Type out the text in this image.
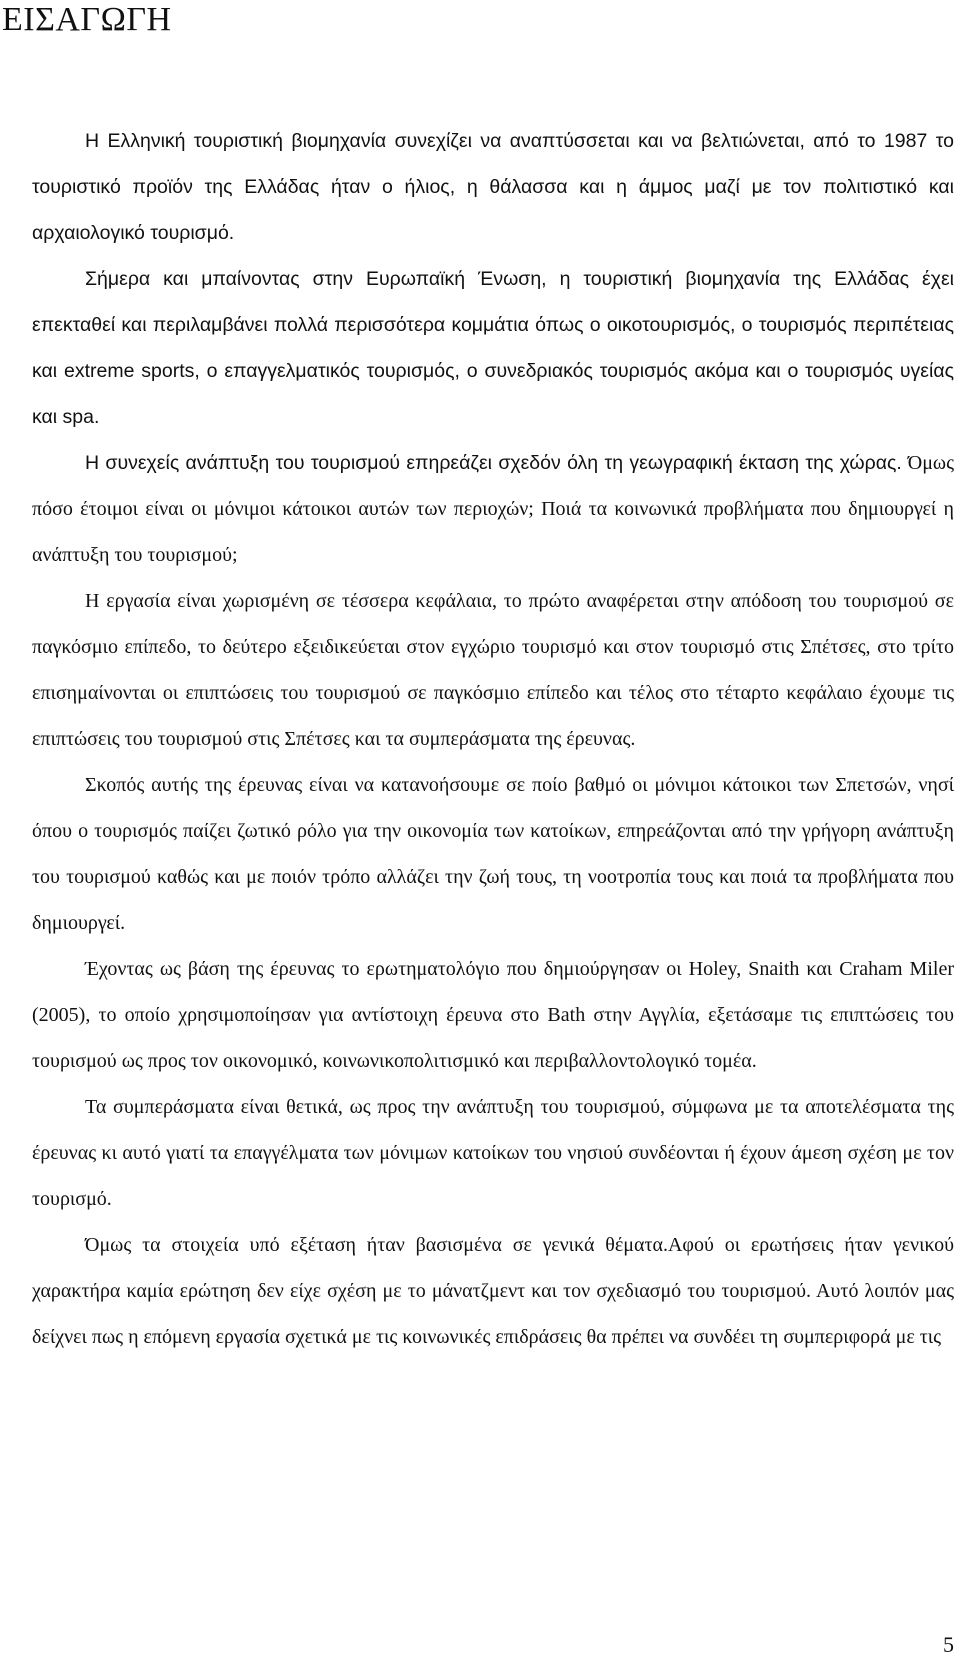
ΕΙΣΑΓΩΓΗ

Η Ελληνική τουριστική βιομηχανία συνεχίζει να αναπτύσσεται και να βελτιώνεται, από το 1987 το τουριστικό προϊόν της Ελλάδας ήταν ο ήλιος, η θάλασσα και η άμμος μαζί με τον πολιτιστικό και αρχαιολογικό τουρισμό.

Σήμερα και μπαίνοντας στην Ευρωπαϊκή Ένωση, η τουριστική βιομηχανία της Ελλάδας έχει επεκταθεί και περιλαμβάνει πολλά περισσότερα κομμάτια όπως ο οικοτουρισμός, ο τουρισμός περιπέτειας και extreme sports, ο επαγγελματικός τουρισμός, ο συνεδριακός τουρισμός ακόμα και ο τουρισμός υγείας και spa.

Η συνεχείς ανάπτυξη του τουρισμού επηρεάζει σχεδόν όλη τη γεωγραφική έκταση της χώρας. Όμως πόσο έτοιμοι είναι οι μόνιμοι κάτοικοι αυτών των περιοχών; Ποιά τα κοινωνικά προβλήματα που δημιουργεί η ανάπτυξη του τουρισμού;

Η εργασία είναι χωρισμένη σε τέσσερα κεφάλαια, το πρώτο αναφέρεται στην απόδοση του τουρισμού σε παγκόσμιο επίπεδο, το δεύτερο εξειδικεύεται στον εγχώριο τουρισμό και στον τουρισμό στις Σπέτσες, στο τρίτο επισημαίνονται οι επιπτώσεις του τουρισμού σε παγκόσμιο επίπεδο και τέλος στο τέταρτο κεφάλαιο έχουμε τις επιπτώσεις του τουρισμού στις Σπέτσες και τα συμπεράσματα της έρευνας.

Σκοπός αυτής της έρευνας είναι να κατανοήσουμε σε ποίο βαθμό οι μόνιμοι κάτοικοι των Σπετσών, νησί όπου ο τουρισμός παίζει ζωτικό ρόλο για την οικονομία των κατοίκων, επηρεάζονται από την γρήγορη ανάπτυξη του τουρισμού καθώς και με ποιόν τρόπο αλλάζει την ζωή τους, τη νοοτροπία τους και ποιά τα προβλήματα που δημιουργεί.

Έχοντας ως βάση της έρευνας το ερωτηματολόγιο που δημιούργησαν οι Holey, Snaith και Craham Miler (2005), το οποίο χρησιμοποίησαν για αντίστοιχη έρευνα στο Bath στην Αγγλία, εξετάσαμε τις επιπτώσεις του τουρισμού ως προς τον οικονομικό, κοινωνικοπολιτισμικό και περιβαλλοντολογικό τομέα.

Τα συμπεράσματα είναι θετικά, ως προς την ανάπτυξη του τουρισμού, σύμφωνα με τα αποτελέσματα της έρευνας κι αυτό γιατί τα επαγγέλματα των μόνιμων κατοίκων του νησιού συνδέονται ή έχουν άμεση σχέση με τον τουρισμό.

Όμως τα στοιχεία υπό εξέταση ήταν βασισμένα σε γενικά θέματα.Αφού οι ερωτήσεις ήταν γενικού χαρακτήρα καμία ερώτηση δεν είχε σχέση με το μάνατζμεντ και τον σχεδιασμό του τουρισμού. Αυτό λοιπόν μας δείχνει πως η επόμενη εργασία σχετικά με τις κοινωνικές επιδράσεις θα πρέπει να συνδέει τη συμπεριφορά με τις

5
